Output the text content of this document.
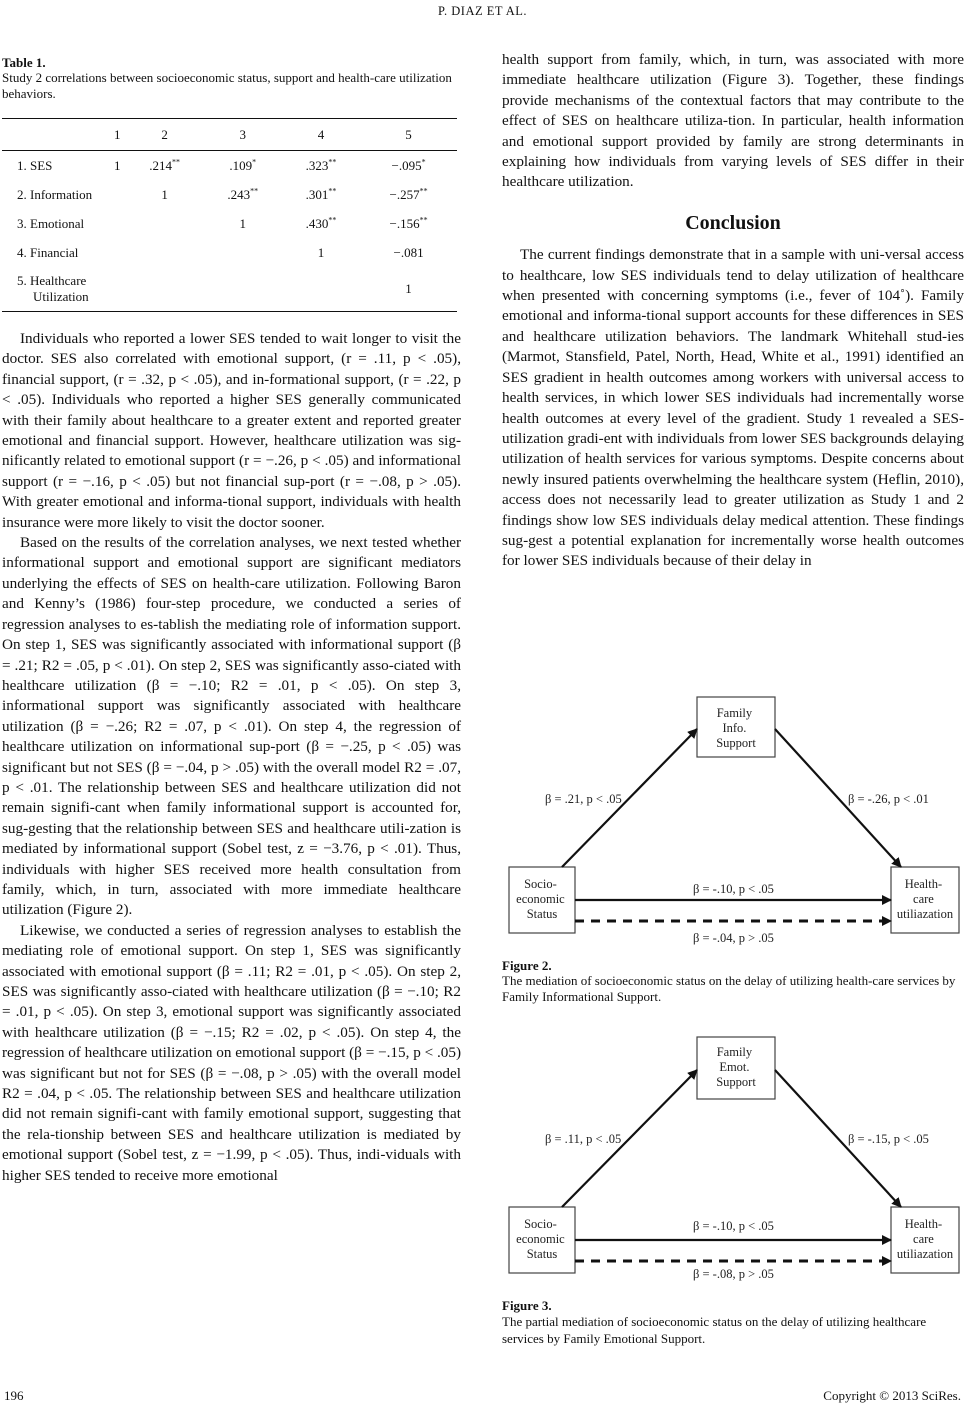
P. DIAZ ET AL.
Table 1.
Study 2 correlations between socioeconomic status, support and health-care utilization behaviors.
	1	2	3	4	5
1. SES	1	.214**	.109*	.323**	−.095*
2. Information		1	.243**	.301**	−.257**
3. Emotional			1	.430**	−.156**
4. Financial				1	−.081
5. Healthcare
Utilization					1

Individuals who reported a lower SES tended to wait longer to visit the doctor. SES also correlated with emotional support, (r = .11, p < .05), financial support, (r = .32, p < .05), and in-formational support, (r = .22, p < .05). Individuals who reported a higher SES generally communicated with their family about healthcare to a greater extent and reported greater emotional and financial support. However, healthcare utilization was sig-nificantly related to emotional support (r = −.26, p < .05) and informational support (r = −.16, p < .05) but not financial sup-port (r = −.08, p > .05). With greater emotional and informa-tional support, individuals with health insurance were more likely to visit the doctor sooner.

Based on the results of the correlation analyses, we next tested whether informational support and emotional support are significant mediators underlying the effects of SES on health-care utilization. Following Baron and Kenny’s (1986) four-step procedure, we conducted a series of regression analyses to es-tablish the mediating role of information support. On step 1, SES was significantly associated with informational support (β = .21; R2 = .05, p < .01). On step 2, SES was significantly asso-ciated with healthcare utilization (β = −.10; R2 = .01, p < .05). On step 3, informational support was significantly associated with healthcare utilization (β = −.26; R2 = .07, p < .01). On step 4, the regression of healthcare utilization on informational sup-port (β = −.25, p < .05) was significant but not SES (β = −.04, p > .05) with the overall model R2 = .07, p < .01. The relationship between SES and healthcare utilization did not remain signifi-cant when family informational support is accounted for, sug-gesting that the relationship between SES and healthcare utili-zation is mediated by informational support (Sobel test, z = −3.76, p < .01). Thus, individuals with higher SES received more health consultation from family, which, in turn, associated with more immediate healthcare utilization (Figure 2).

Likewise, we conducted a series of regression analyses to establish the mediating role of emotional support. On step 1, SES was significantly associated with emotional support (β = .11; R2 = .01, p < .05). On step 2, SES was significantly asso-ciated with healthcare utilization (β = −.10; R2 = .01, p < .05). On step 3, emotional support was significantly associated with healthcare utilization (β = −.15; R2 = .02, p < .05). On step 4, the regression of healthcare utilization on emotional support (β = −.15, p < .05) was significant but not for SES (β = −.08, p > .05) with the overall model R2 = .04, p < .05. The relationship between SES and healthcare utilization did not remain signifi-cant with family emotional support, suggesting that the rela-tionship between SES and healthcare utilization is mediated by emotional support (Sobel test, z = −1.99, p < .05). Thus, indi-viduals with higher SES tended to receive more emotional

health support from family, which, in turn, was associated with more immediate healthcare utilization (Figure 3). Together, these findings provide mechanisms of the contextual factors that may contribute to the effect of SES on healthcare utiliza-tion. In particular, health information and emotional support provided by family are strong determinants in explaining how individuals from varying levels of SES differ in their healthcare utilization.

Conclusion

The current findings demonstrate that in a sample with uni-versal access to healthcare, low SES individuals tend to delay utilization of healthcare when presented with concerning symptoms (i.e., fever of 104˚). Family emotional and informa-tional support accounts for these differences in SES and healthcare utilization behaviors. The landmark Whitehall stud-ies (Marmot, Stansfield, Patel, North, Head, White et al., 1991) identified an SES gradient in health outcomes among workers with universal access to health services, in which lower SES individuals had incrementally worse health outcomes at every level of the gradient. Study 1 revealed a SES-utilization gradi-ent with individuals from lower SES backgrounds delaying utilization of health services for various symptoms. Despite concerns about newly insured patients overwhelming the healthcare system (Heflin, 2010), access does not necessarily lead to greater utilization as Study 1 and 2 findings show low SES individuals delay medical attention. These findings sug-gest a potential explanation for incrementally worse health outcomes for lower SES individuals because of their delay in

Family Info. Support
Socio- economic Status
Health- care utiliazation
β = .21, p < .05	β = -.26, p < .01
β = -.10, p < .05
β = -.04, p > .05
Figure 2.
The mediation of socioeconomic status on the delay of utilizing health-care services by Family Informational Support.
Family Emot. Support
Socio- economic Status
Health- care utiliazation
β = .11, p < .05	β = -.15, p < .05
β = -.10, p < .05
β = -.08, p > .05
Figure 3.
The partial mediation of socioeconomic status on the delay of utilizing healthcare services by Family Emotional Support.
196	Copyright © 2013 SciRes.
